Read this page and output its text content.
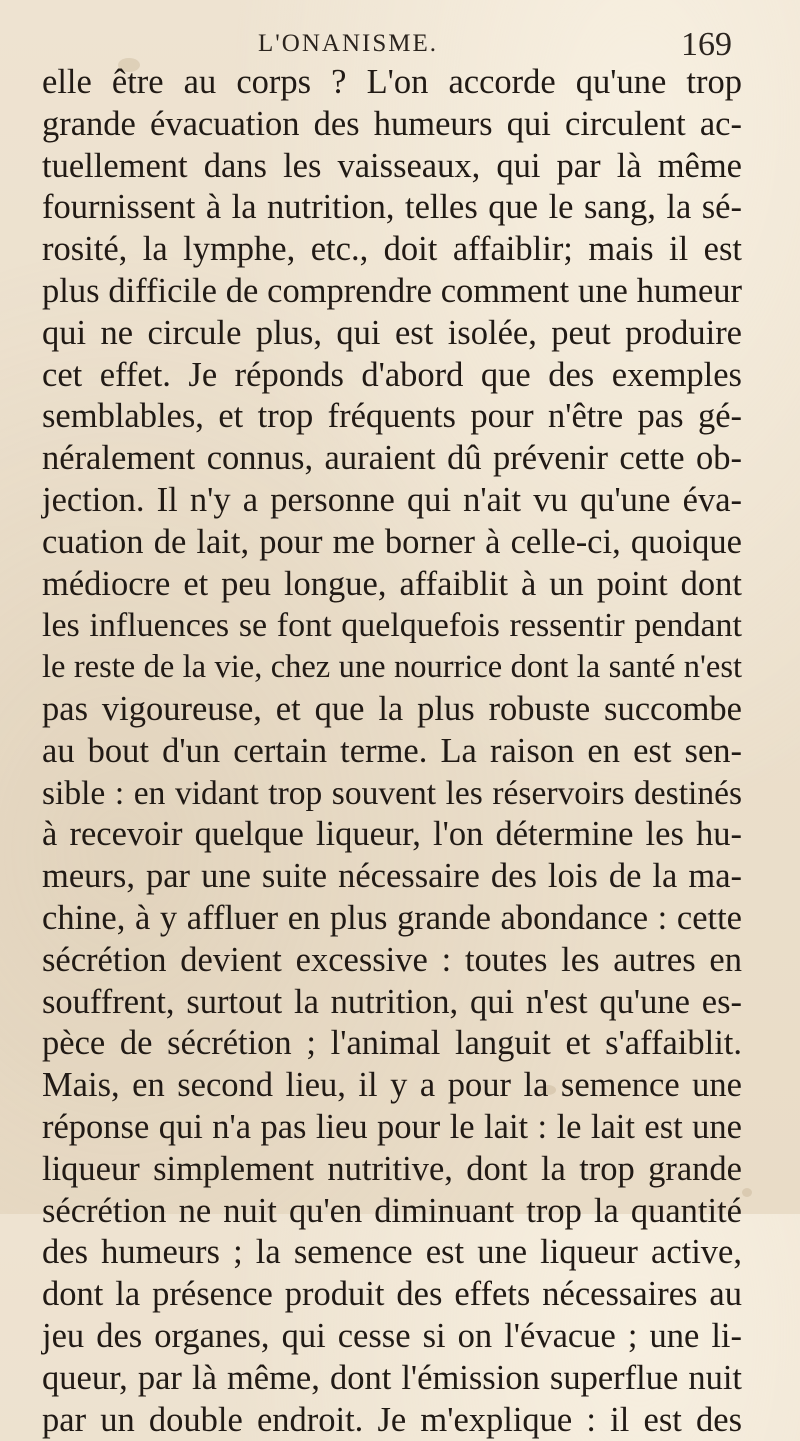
L'ONANISME.	169
elle être au corps ? L'on accorde qu'une trop
grande évacuation des humeurs qui circulent ac-
tuellement dans les vaisseaux, qui par là même
fournissent à la nutrition, telles que le sang, la sé-
rosité, la lymphe, etc., doit affaiblir; mais il est
plus difficile de comprendre comment une humeur
qui ne circule plus, qui est isolée, peut produire
cet effet. Je réponds d'abord que des exemples
semblables, et trop fréquents pour n'être pas gé-
néralement connus, auraient dû prévenir cette ob-
jection. Il n'y a personne qui n'ait vu qu'une éva-
cuation de lait, pour me borner à celle-ci, quoique
médiocre et peu longue, affaiblit à un point dont
les influences se font quelquefois ressentir pendant
le reste de la vie, chez une nourrice dont la santé n'est
pas vigoureuse, et que la plus robuste succombe
au bout d'un certain terme. La raison en est sen-
sible : en vidant trop souvent les réservoirs destinés
à recevoir quelque liqueur, l'on détermine les hu-
meurs, par une suite nécessaire des lois de la ma-
chine, à y affluer en plus grande abondance : cette
sécrétion devient excessive : toutes les autres en
souffrent, surtout la nutrition, qui n'est qu'une es-
pèce de sécrétion ; l'animal languit et s'affaiblit.
Mais, en second lieu, il y a pour la semence une
réponse qui n'a pas lieu pour le lait : le lait est une
liqueur simplement nutritive, dont la trop grande
sécrétion ne nuit qu'en diminuant trop la quantité
des humeurs ; la semence est une liqueur active,
dont la présence produit des effets nécessaires au
jeu des organes, qui cesse si on l'évacue ; une li-
queur, par là même, dont l'émission superflue nuit
par un double endroit. Je m'explique : il est des
